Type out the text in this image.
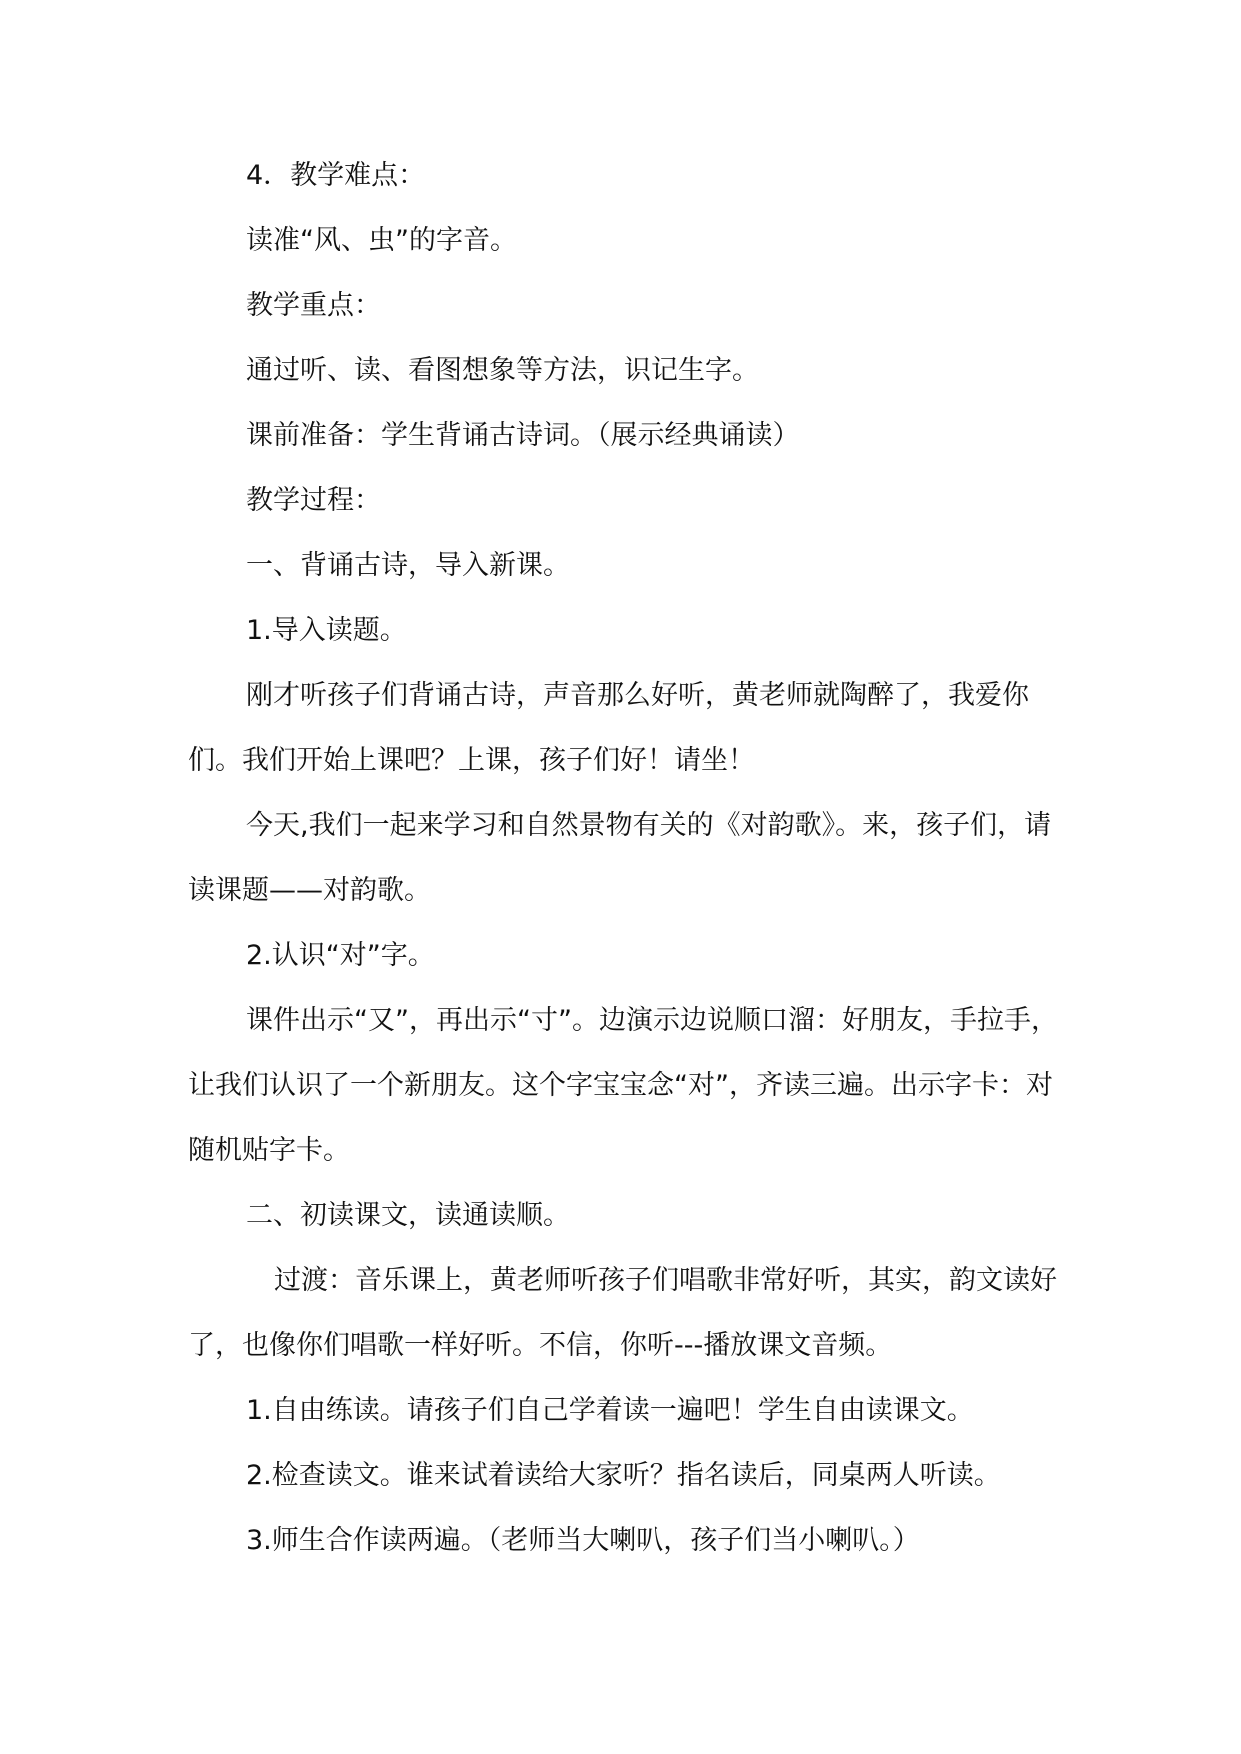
4．教学难点：

读准“风、虫”的字音。

教学重点：

通过听、读、看图想象等方法，识记生字。

课前准备：学生背诵古诗词。（展示经典诵读）

教学过程：

一、背诵古诗，导入新课。

1.导入读题。

刚才听孩子们背诵古诗，声音那么好听，黄老师就陶醉了，我爱你们。我们开始上课吧？上课，孩子们好！请坐！

今天,我们一起来学习和自然景物有关的《对韵歌》。来，孩子们，请读课题——对韵歌。

2.认识“对”字。

课件出示“又”，再出示“寸”。边演示边说顺口溜：好朋友，手拉手，让我们认识了一个新朋友。这个字宝宝念“对”，齐读三遍。出示字卡：对　随机贴字卡。

二、初读课文，读通读顺。

过渡：音乐课上，黄老师听孩子们唱歌非常好听，其实，韵文读好了，也像你们唱歌一样好听。不信，你听---播放课文音频。

1.自由练读。请孩子们自己学着读一遍吧！学生自由读课文。

2.检查读文。谁来试着读给大家听？指名读后，同桌两人听读。

3.师生合作读两遍。（老师当大喇叭，孩子们当小喇叭。）
